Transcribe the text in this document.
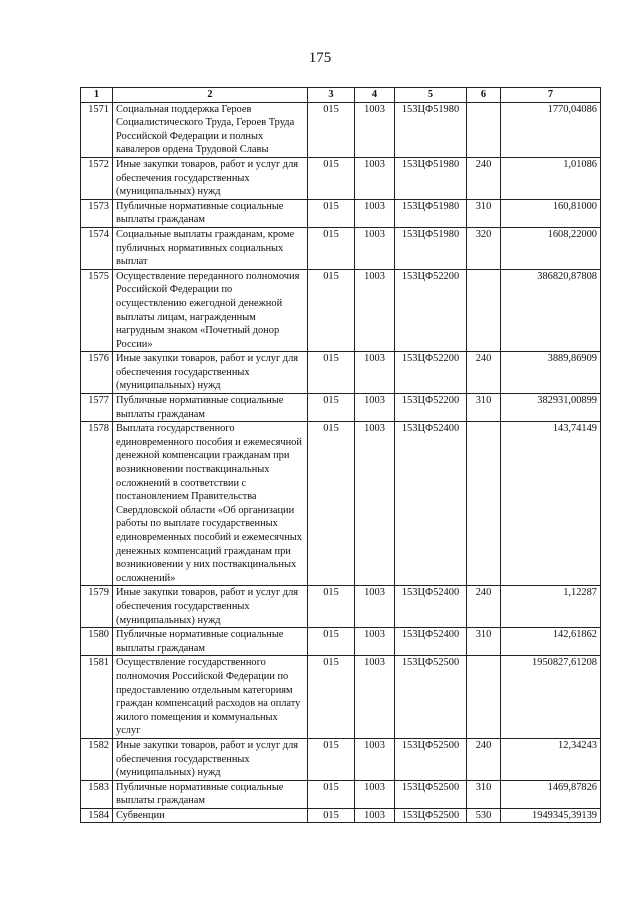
175
1	2	3	4	5	6	7
1571	Социальная поддержка Героев Социалистического Труда, Героев Труда Российской Федерации и полных кавалеров ордена Трудовой Славы	015	1003	153ЦФ51980		1770,04086
1572	Иные закупки товаров, работ и услуг для обеспечения государственных (муниципальных) нужд	015	1003	153ЦФ51980	240	1,01086
1573	Публичные нормативные социальные выплаты гражданам	015	1003	153ЦФ51980	310	160,81000
1574	Социальные выплаты гражданам, кроме публичных нормативных социальных выплат	015	1003	153ЦФ51980	320	1608,22000
1575	Осуществление переданного полномочия Российской Федерации по осуществлению ежегодной денежной выплаты лицам, награжденным нагрудным знаком «Почетный донор России»	015	1003	153ЦФ52200		386820,87808
1576	Иные закупки товаров, работ и услуг для обеспечения государственных (муниципальных) нужд	015	1003	153ЦФ52200	240	3889,86909
1577	Публичные нормативные социальные выплаты гражданам	015	1003	153ЦФ52200	310	382931,00899
1578	Выплата государственного единовременного пособия и ежемесячной денежной компенсации гражданам при возникновении поствакцинальных осложнений в соответствии с постановлением Правительства Свердловской области «Об организации работы по выплате государственных единовременных пособий и ежемесячных денежных компенсаций гражданам при возникновении у них поствакцинальных осложнений»	015	1003	153ЦФ52400		143,74149
1579	Иные закупки товаров, работ и услуг для обеспечения государственных (муниципальных) нужд	015	1003	153ЦФ52400	240	1,12287
1580	Публичные нормативные социальные выплаты гражданам	015	1003	153ЦФ52400	310	142,61862
1581	Осуществление государственного полномочия Российской Федерации по предоставлению отдельным категориям граждан компенсаций расходов на оплату жилого помещения и коммунальных услуг	015	1003	153ЦФ52500		1950827,61208
1582	Иные закупки товаров, работ и услуг для обеспечения государственных (муниципальных) нужд	015	1003	153ЦФ52500	240	12,34243
1583	Публичные нормативные социальные выплаты гражданам	015	1003	153ЦФ52500	310	1469,87826
1584	Субвенции	015	1003	153ЦФ52500	530	1949345,39139
